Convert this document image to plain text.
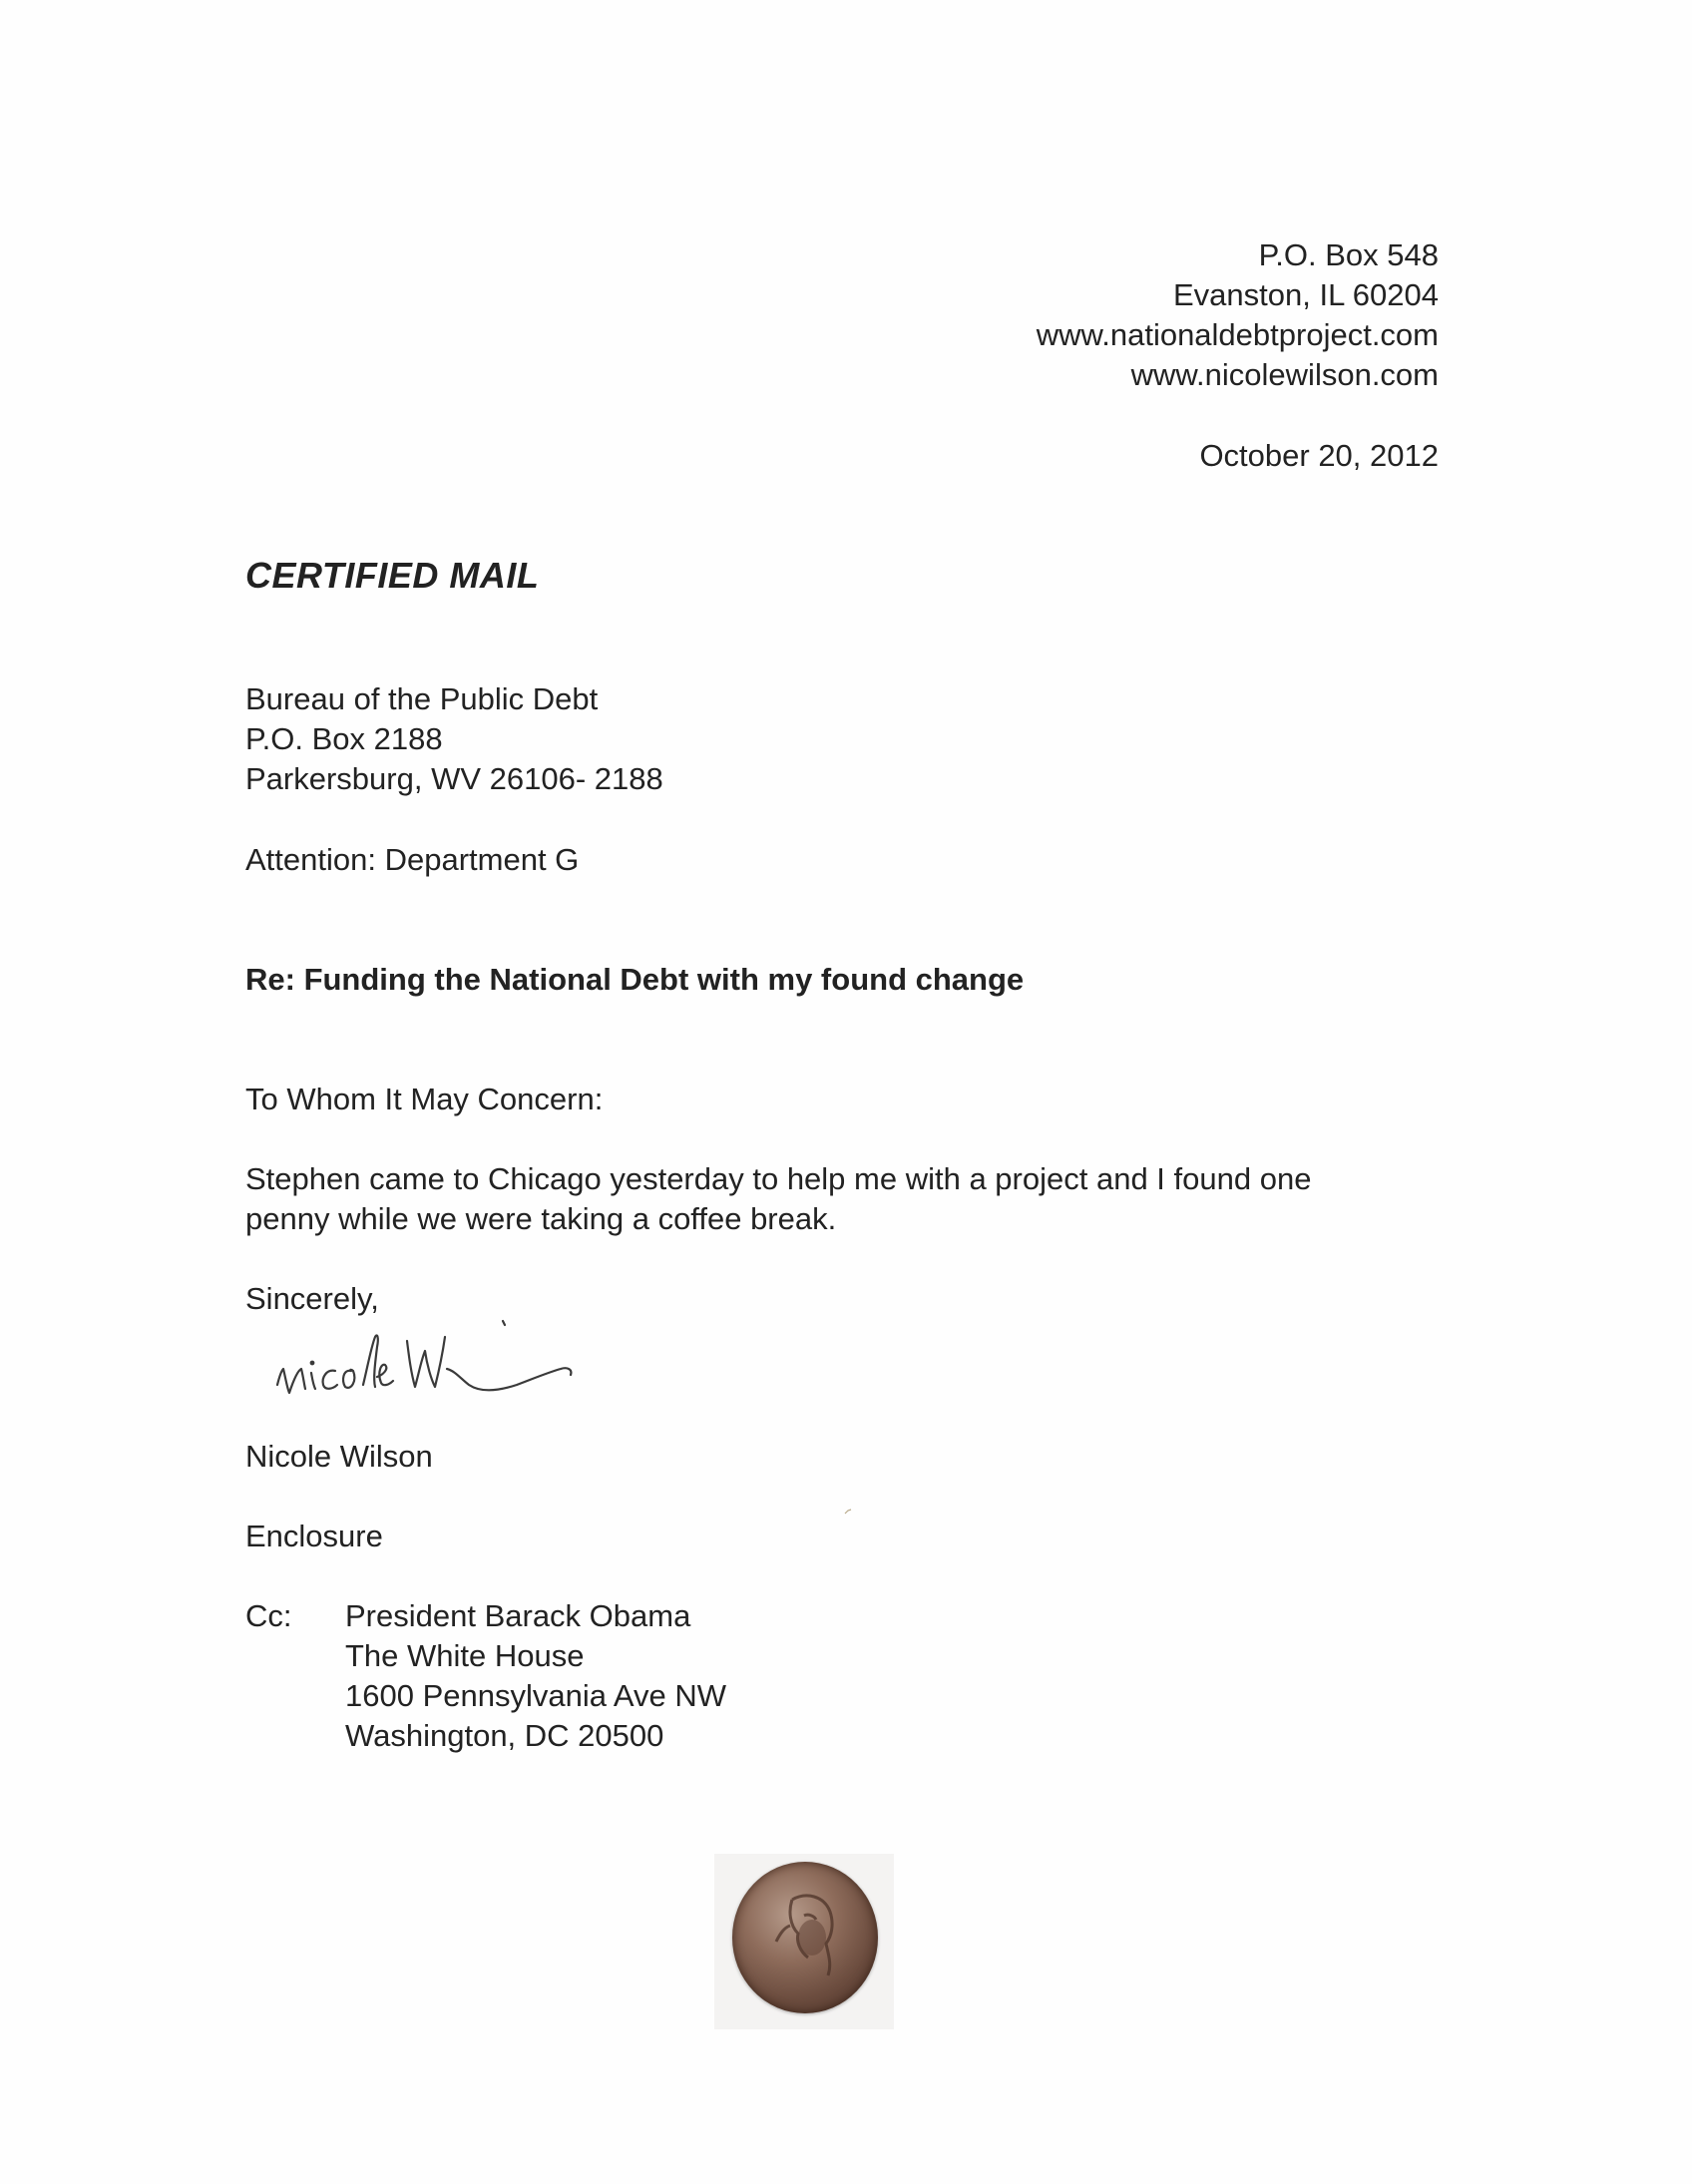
P.O. Box 548
Evanston, IL 60204
www.nationaldebtproject.com
www.nicolewilson.com
October 20, 2012
CERTIFIED MAIL
Bureau of the Public Debt
P.O. Box 2188
Parkersburg, WV 26106- 2188
Attention: Department G
Re: Funding the National Debt with my found change
To Whom It May Concern:
Stephen came to Chicago yesterday to help me with a project and I found one
penny while we were taking a coffee break.
Sincerely,
Nicole Wilson
Enclosure
Cc: President Barack Obama
The White House
1600 Pennsylvania Ave NW
Washington, DC 20500
